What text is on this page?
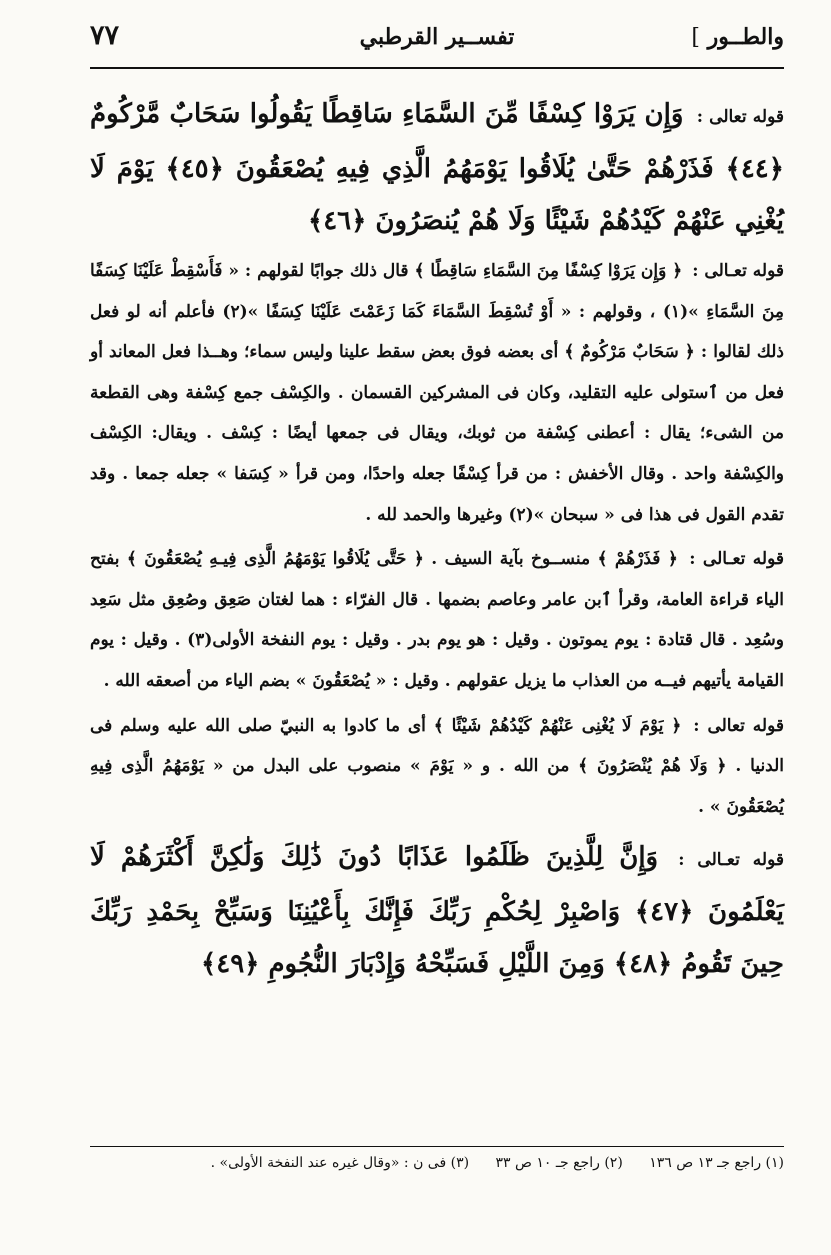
والطــور ]
تفســير القرطبي
٧٧

قوله تعالى : وَإِن يَرَوْا كِسْفًا مِّنَ السَّمَاءِ سَاقِطًا يَقُولُوا سَحَابٌ مَّرْكُومٌ ﴿٤٤﴾ فَذَرْهُمْ حَتَّىٰ يُلَاقُوا يَوْمَهُمُ الَّذِي فِيهِ يُصْعَقُونَ ﴿٤٥﴾ يَوْمَ لَا يُغْنِي عَنْهُمْ كَيْدُهُمْ شَيْئًا وَلَا هُمْ يُنصَرُونَ ﴿٤٦﴾

قوله تعـالى : ﴿ وَإِن يَرَوْا كِسْفًا مِنَ السَّمَاءِ سَاقِطًا ﴾ قال ذلك جوابًا لقولهم : « فَأَسْقِطْ عَلَيْنَا كِسَفًا مِنَ السَّمَاءِ »(١) ، وقولهم : « أَوْ تُسْقِطَ السَّمَاءَ كَمَا زَعَمْتَ عَلَيْنَا كِسَفًا »(٢) فأعلم أنه لو فعل ذلك لقالوا : ﴿ سَحَابٌ مَرْكُومٌ ﴾ أى بعضه فوق بعض سقط علينا وليس سماء؛ وهــذا فعل المعاند أو فعل من ٱستولى عليه التقليد، وكان فى المشركين القسمان . والكِسْف جمع كِسْفة وهى القطعة من الشىء؛ يقال : أعطنى كِسْفة من ثوبك، ويقال فى جمعها أيضًا : كِسْف . ويقال: الكِسْف والكِسْفة واحد . وقال الأخفش : من قرأ كِسْفًا جعله واحدًا، ومن قرأ « كِسَفا » جعله جمعا . وقد تقدم القول فى هذا فى « سبحان »(٢) وغيرها والحمد لله .

قوله تعـالى : ﴿ فَذَرْهُمْ ﴾ منســوخ بآية السيف . ﴿ حَتَّى يُلَاقُوا يَوْمَهُمُ الَّذِى فِيـهِ يُصْعَقُونَ ﴾ بفتح الياء قراءة العامة، وقرأ ٱبن عامر وعاصم بضمها . قال الفرّاء : هما لغتان صَعِق وصُعِق مثل سَعِد وسُعِد . قال قتادة : يوم يموتون . وقيل : هو يوم بدر . وقيل : يوم النفخة الأولى(٣) . وقيل : يوم القيامة يأتيهم فيــه من العذاب ما يزيل عقولهم . وقيل : « يُصْعَقُونَ » بضم الياء من أصعقه الله .

قوله تعالى : ﴿ يَوْمَ لَا يُغْنِى عَنْهُمْ كَيْدُهُمْ شَيْئًا ﴾ أى ما كادوا به النبيّ صلى الله عليه وسلم فى الدنيا . ﴿ وَلَا هُمْ يُنْصَرُونَ ﴾ من الله . و « يَوْمَ » منصوب على البدل من « يَوْمَهُمُ الَّذِى فِيهِ يُصْعَقُونَ » .

قوله تعـالى : وَإِنَّ لِلَّذِينَ ظَلَمُوا عَذَابًا دُونَ ذَٰلِكَ وَلَٰكِنَّ أَكْثَرَهُمْ لَا يَعْلَمُونَ ﴿٤٧﴾ وَاصْبِرْ لِحُكْمِ رَبِّكَ فَإِنَّكَ بِأَعْيُنِنَا وَسَبِّحْ بِحَمْدِ رَبِّكَ حِينَ تَقُومُ ﴿٤٨﴾ وَمِنَ اللَّيْلِ فَسَبِّحْهُ وَإِدْبَارَ النُّجُومِ ﴿٤٩﴾

(١) راجع جـ ١٣ ص ١٣٦ (٢) راجع جـ ١٠ ص ٣٣ (٣) فى ن : «وقال غيره عند النفخة الأولى» .
